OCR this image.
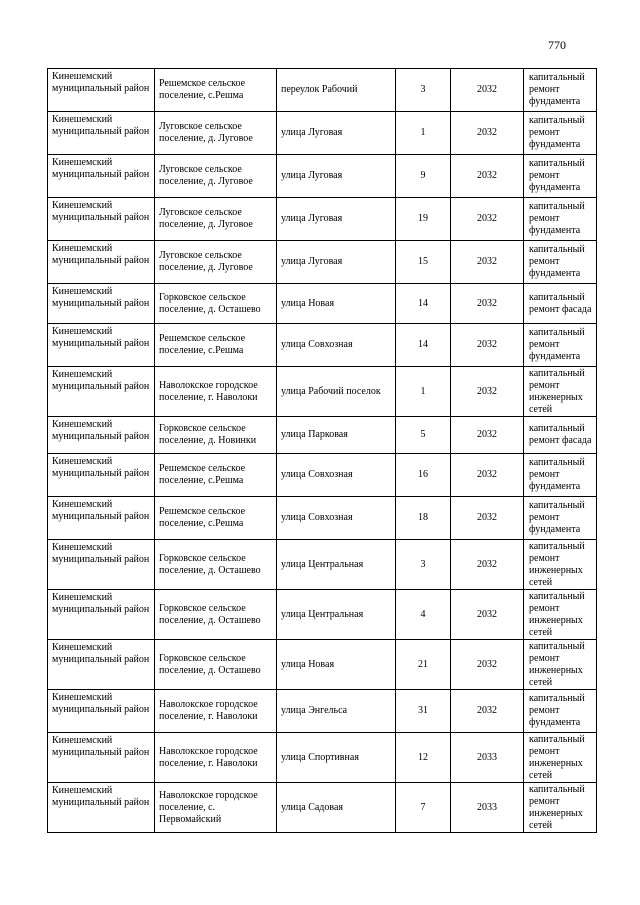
770
Кинешемский муниципальный район	Решемское сельское поселение, с.Решма	переулок Рабочий	3	2032	капитальный ремонт фундамента
Кинешемский муниципальный район	Луговское сельское поселение, д. Луговое	улица Луговая	1	2032	капитальный ремонт фундамента
Кинешемский муниципальный район	Луговское сельское поселение, д. Луговое	улица Луговая	9	2032	капитальный ремонт фундамента
Кинешемский муниципальный район	Луговское сельское поселение, д. Луговое	улица Луговая	19	2032	капитальный ремонт фундамента
Кинешемский муниципальный район	Луговское сельское поселение, д. Луговое	улица Луговая	15	2032	капитальный ремонт фундамента
Кинешемский муниципальный район	Горковское сельское поселение, д. Осташево	улица Новая	14	2032	капитальный ремонт фасада
Кинешемский муниципальный район	Решемское сельское поселение, с.Решма	улица Совхозная	14	2032	капитальный ремонт фундамента
Кинешемский муниципальный район	Наволокское городское поселение, г. Наволоки	улица Рабочий поселок	1	2032	капитальный ремонт инженерных сетей
Кинешемский муниципальный район	Горковское сельское поселение, д. Новинки	улица Парковая	5	2032	капитальный ремонт фасада
Кинешемский муниципальный район	Решемское сельское поселение, с.Решма	улица Совхозная	16	2032	капитальный ремонт фундамента
Кинешемский муниципальный район	Решемское сельское поселение, с.Решма	улица Совхозная	18	2032	капитальный ремонт фундамента
Кинешемский муниципальный район	Горковское сельское поселение, д. Осташево	улица Центральная	3	2032	капитальный ремонт инженерных сетей
Кинешемский муниципальный район	Горковское сельское поселение, д. Осташево	улица Центральная	4	2032	капитальный ремонт инженерных сетей
Кинешемский муниципальный район	Горковское сельское поселение, д. Осташево	улица Новая	21	2032	капитальный ремонт инженерных сетей
Кинешемский муниципальный район	Наволокское городское поселение, г. Наволоки	улица Энгельса	31	2032	капитальный ремонт фундамента
Кинешемский муниципальный район	Наволокское городское поселение, г. Наволоки	улица Спортивная	12	2033	капитальный ремонт инженерных сетей
Кинешемский муниципальный район	Наволокское городское поселение, с. Первомайский	улица Садовая	7	2033	капитальный ремонт инженерных сетей
